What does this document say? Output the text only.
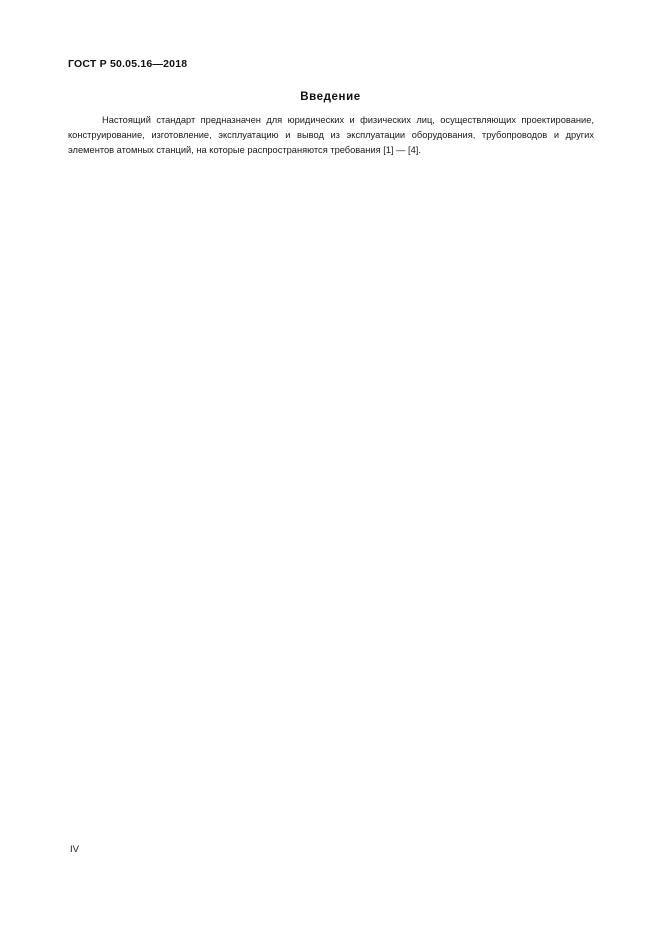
ГОСТ Р 50.05.16—2018
Введение
Настоящий стандарт предназначен для юридических и физических лиц, осуществляющих проектирование, конструирование, изготовление, эксплуатацию и вывод из эксплуатации оборудования, трубопроводов и других элементов атомных станций, на которые распространяются требования [1] — [4].
IV
